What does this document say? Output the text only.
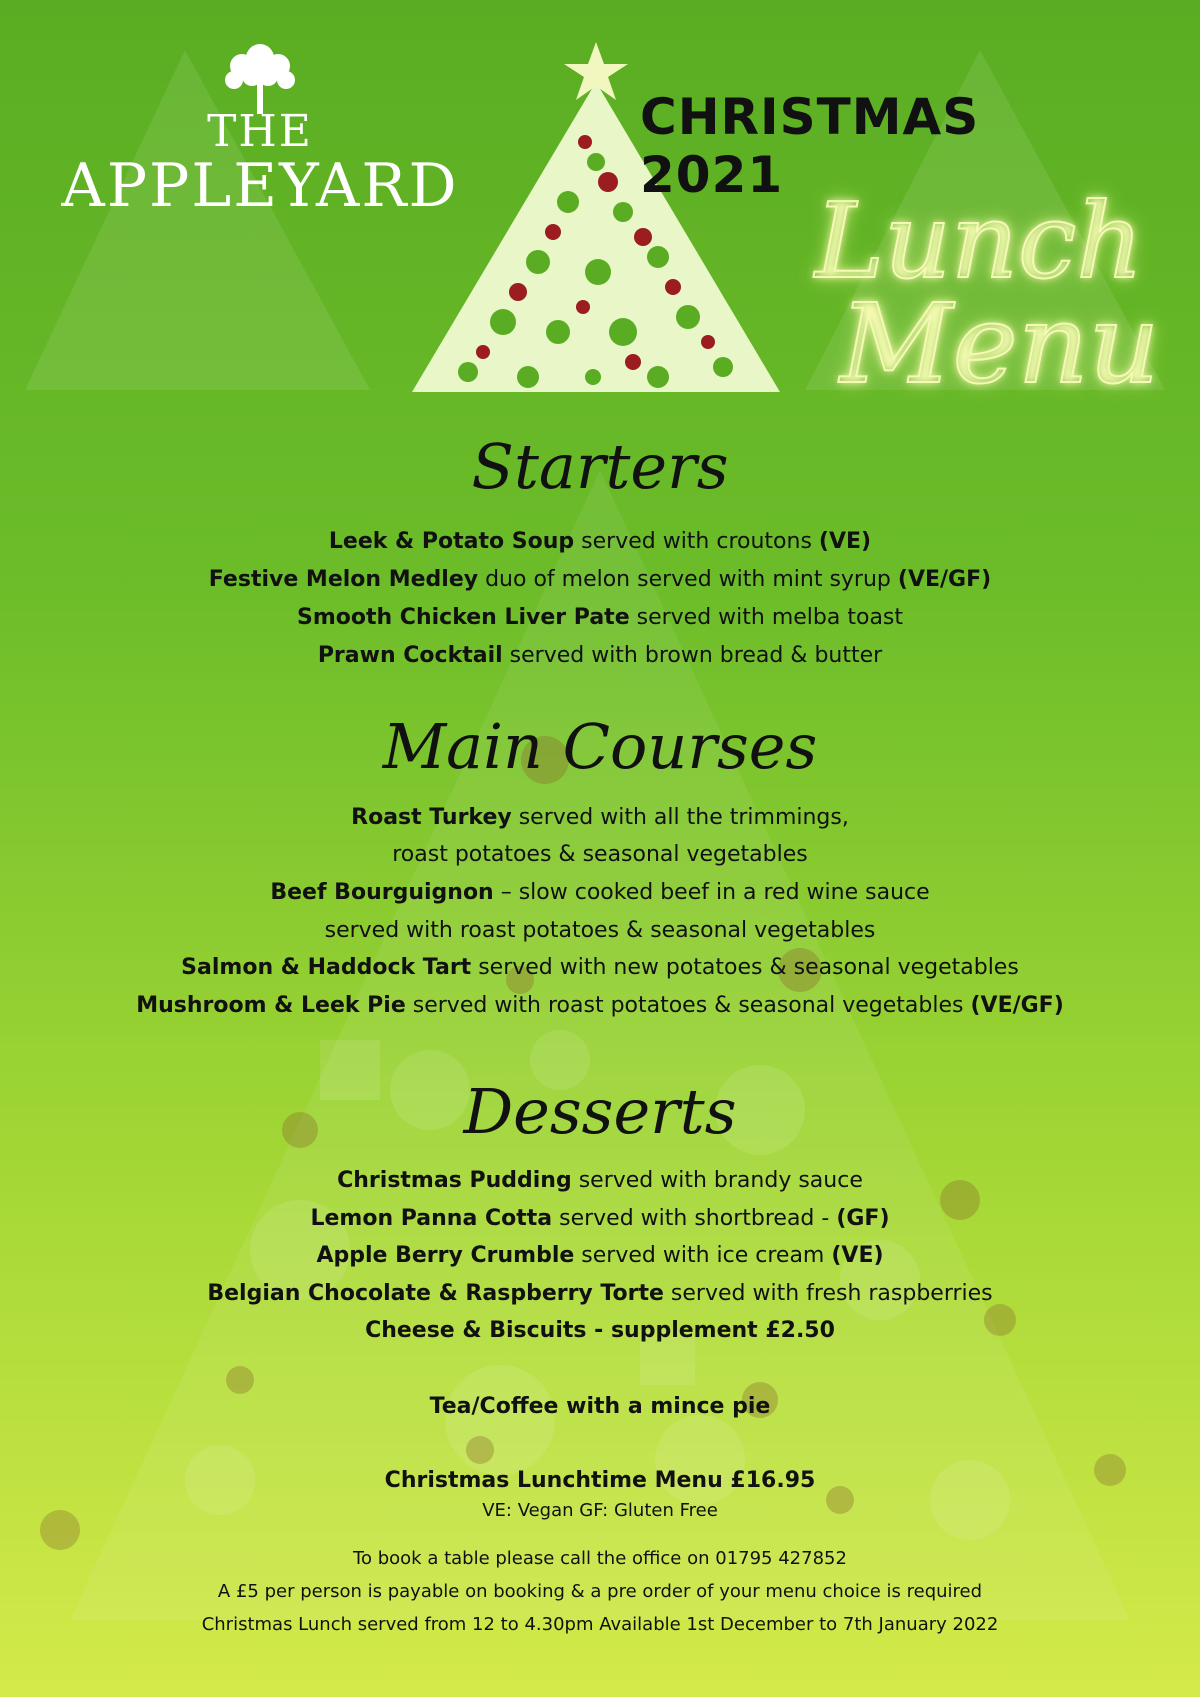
THE
APPLEYARD
CHRISTMAS 2021
Lunch
Menu
Starters
Leek & Potato Soup served with croutons (VE)
Festive Melon Medley duo of melon served with mint syrup (VE/GF)
Smooth Chicken Liver Pate served with melba toast
Prawn Cocktail served with brown bread & butter
Main Courses
Roast Turkey served with all the trimmings,
roast potatoes & seasonal vegetables
Beef Bourguignon – slow cooked beef in a red wine sauce
served with roast potatoes & seasonal vegetables
Salmon & Haddock Tart served with new potatoes & seasonal vegetables
Mushroom & Leek Pie served with roast potatoes & seasonal vegetables (VE/GF)
Desserts
Christmas Pudding served with brandy sauce
Lemon Panna Cotta served with shortbread - (GF)
Apple Berry Crumble served with ice cream (VE)
Belgian Chocolate & Raspberry Torte served with fresh raspberries
Cheese & Biscuits - supplement £2.50
Tea/Coffee with a mince pie
Christmas Lunchtime Menu £16.95
VE: Vegan GF: Gluten Free
To book a table please call the office on 01795 427852
A £5 per person is payable on booking & a pre order of your menu choice is required
Christmas Lunch served from 12 to 4.30pm Available 1st December to 7th January 2022
